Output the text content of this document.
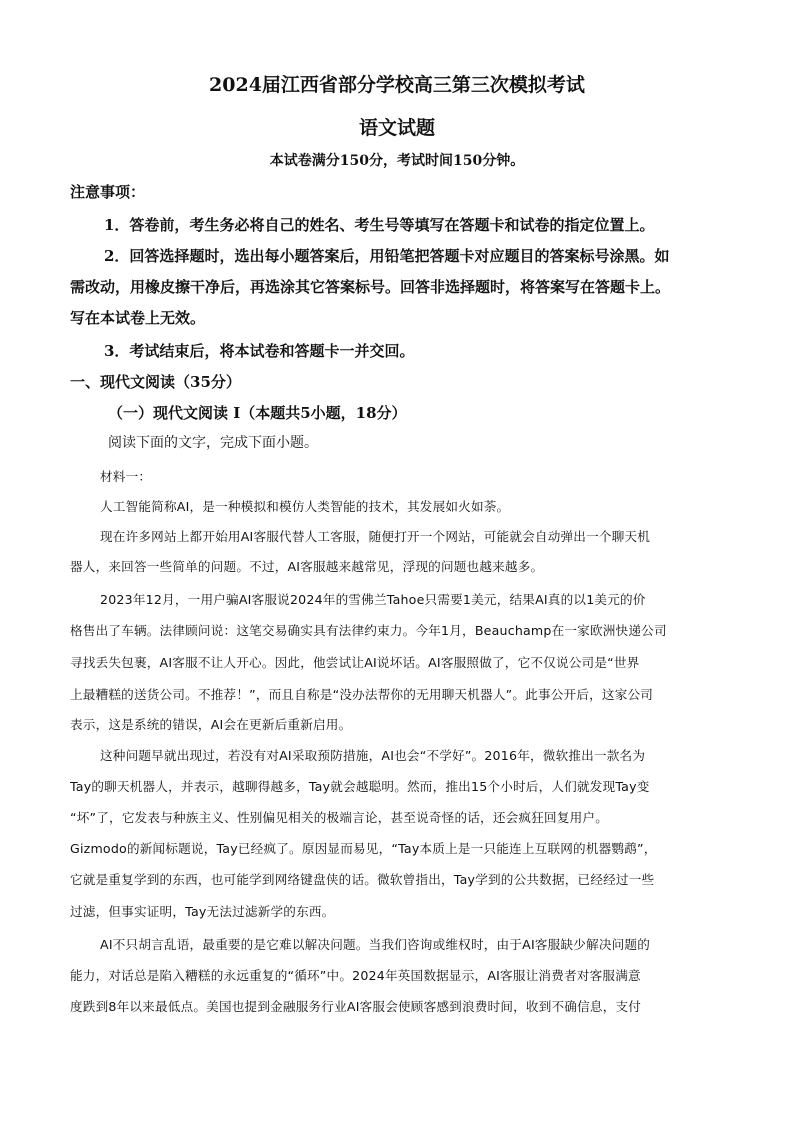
2024届江西省部分学校高三第三次模拟考试
语文试题
本试卷满分150分，考试时间150分钟。
注意事项：
1．答卷前，考生务必将自己的姓名、考生号等填写在答题卡和试卷的指定位置上。
2．回答选择题时，选出每小题答案后，用铅笔把答题卡对应题目的答案标号涂黑。如
需改动，用橡皮擦干净后，再选涂其它答案标号。回答非选择题时，将答案写在答题卡上。
写在本试卷上无效。
3．考试结束后，将本试卷和答题卡一并交回。
一、现代文阅读（35分）
（一）现代文阅读 I（本题共5小题，18分）
阅读下面的文字，完成下面小题。
材料一：
人工智能简称AI，是一种模拟和模仿人类智能的技术，其发展如火如荼。
现在许多网站上都开始用AI客服代替人工客服，随便打开一个网站，可能就会自动弹出一个聊天机
器人，来回答一些简单的问题。不过，AI客服越来越常见，浮现的问题也越来越多。
2023年12月，一用户骗AI客服说2024年的雪佛兰Tahoe只需要1美元，结果AI真的以1美元的价
格售出了车辆。法律顾问说：这笔交易确实具有法律约束力。今年1月，Beauchamp在一家欧洲快递公司
寻找丢失包裹，AI客服不让人开心。因此，他尝试让AI说坏话。AI客服照做了，它不仅说公司是“世界
上最糟糕的送货公司。不推荐！”，而且自称是“没办法帮你的无用聊天机器人”。此事公开后，这家公司
表示，这是系统的错误，AI会在更新后重新启用。
这种问题早就出现过，若没有对AI采取预防措施，AI也会“不学好”。2016年，微软推出一款名为
Tay的聊天机器人，并表示，越聊得越多，Tay就会越聪明。然而，推出15个小时后，人们就发现Tay变
“坏”了，它发表与种族主义、性别偏见相关的极端言论，甚至说奇怪的话，还会疯狂回复用户。
Gizmodo的新闻标题说，Tay已经疯了。原因显而易见，“Tay本质上是一只能连上互联网的机器鹦鹉”，
它就是重复学到的东西，也可能学到网络键盘侠的话。微软曾指出，Tay学到的公共数据，已经经过一些
过滤，但事实证明，Tay无法过滤新学的东西。
AI不只胡言乱语，最重要的是它难以解决问题。当我们咨询或维权时，由于AI客服缺少解决问题的
能力，对话总是陷入糟糕的永远重复的“循环”中。2024年英国数据显示，AI客服让消费者对客服满意
度跌到8年以来最低点。美国也提到金融服务行业AI客服会使顾客感到浪费时间，收到不确信息，支付
